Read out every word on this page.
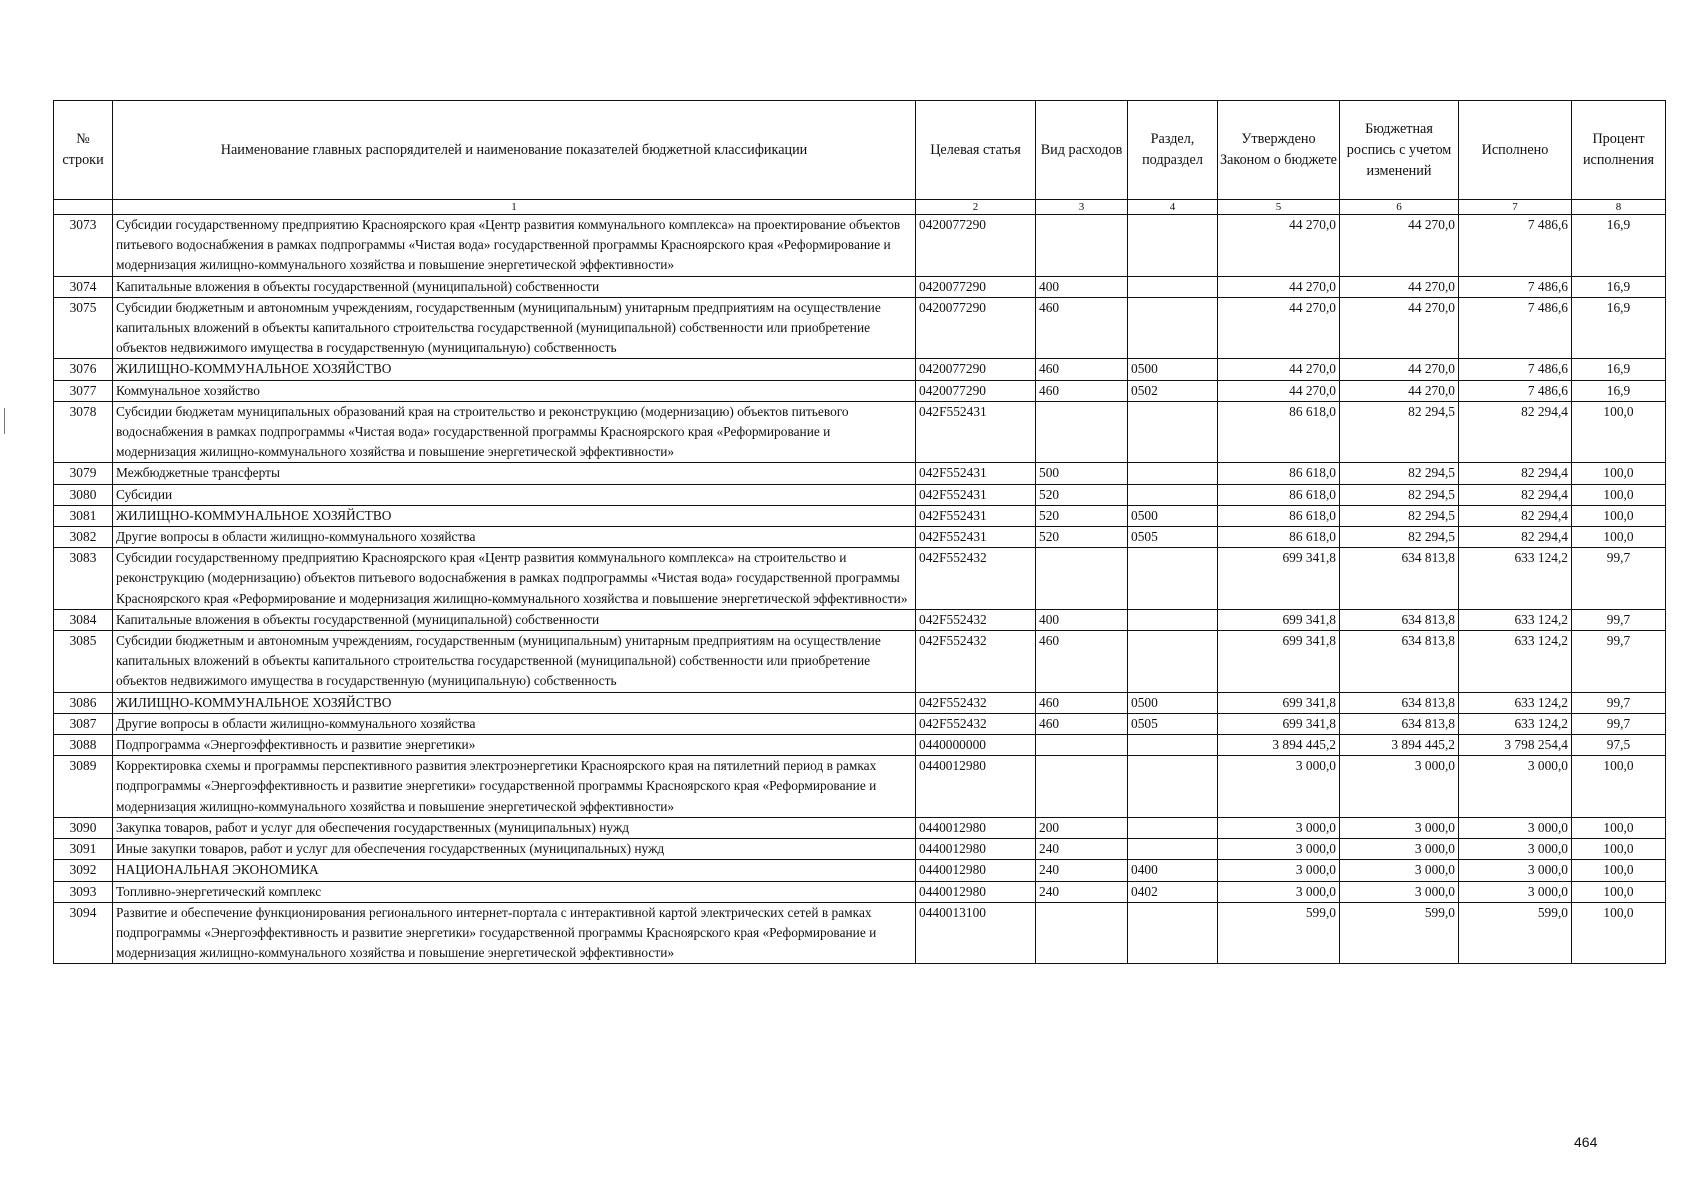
№ строки	Наименование главных распорядителей и наименование показателей бюджетной классификации	Целевая статья	Вид расходов	Раздел, подраздел	Утверждено Законом о бюджете	Бюджетная роспись с учетом изменений	Исполнено	Процент исполнения
	1	2	3	4	5	6	7	8
3073	Субсидии государственному предприятию Красноярского края «Центр развития коммунального комплекса» на проектирование объектов питьевого водоснабжения в рамках подпрограммы «Чистая вода» государственной программы Красноярского края «Реформирование и модернизация жилищно-коммунального хозяйства и повышение энергетической эффективности»	0420077290			44 270,0	44 270,0	7 486,6	16,9
3074	Капитальные вложения в объекты государственной (муниципальной) собственности	0420077290	400		44 270,0	44 270,0	7 486,6	16,9
3075	Субсидии бюджетным и автономным учреждениям, государственным (муниципальным) унитарным предприятиям на осуществление капитальных вложений в объекты капитального строительства государственной (муниципальной) собственности или приобретение объектов недвижимого имущества в государственную (муниципальную) собственность	0420077290	460		44 270,0	44 270,0	7 486,6	16,9
3076	ЖИЛИЩНО-КОММУНАЛЬНОЕ ХОЗЯЙСТВО	0420077290	460	0500	44 270,0	44 270,0	7 486,6	16,9
3077	Коммунальное хозяйство	0420077290	460	0502	44 270,0	44 270,0	7 486,6	16,9
3078	Субсидии бюджетам муниципальных образований края на строительство и реконструкцию (модернизацию) объектов питьевого водоснабжения в рамках подпрограммы «Чистая вода» государственной программы Красноярского края «Реформирование и модернизация жилищно-коммунального хозяйства и повышение энергетической эффективности»	042F552431			86 618,0	82 294,5	82 294,4	100,0
3079	Межбюджетные трансферты	042F552431	500		86 618,0	82 294,5	82 294,4	100,0
3080	Субсидии	042F552431	520		86 618,0	82 294,5	82 294,4	100,0
3081	ЖИЛИЩНО-КОММУНАЛЬНОЕ ХОЗЯЙСТВО	042F552431	520	0500	86 618,0	82 294,5	82 294,4	100,0
3082	Другие вопросы в области жилищно-коммунального хозяйства	042F552431	520	0505	86 618,0	82 294,5	82 294,4	100,0
3083	Субсидии государственному предприятию Красноярского края «Центр развития коммунального комплекса» на строительство и реконструкцию (модернизацию) объектов питьевого водоснабжения в рамках подпрограммы «Чистая вода» государственной программы Красноярского края «Реформирование и модернизация жилищно-коммунального хозяйства и повышение энергетической эффективности»	042F552432			699 341,8	634 813,8	633 124,2	99,7
3084	Капитальные вложения в объекты государственной (муниципальной) собственности	042F552432	400		699 341,8	634 813,8	633 124,2	99,7
3085	Субсидии бюджетным и автономным учреждениям, государственным (муниципальным) унитарным предприятиям на осуществление капитальных вложений в объекты капитального строительства государственной (муниципальной) собственности или приобретение объектов недвижимого имущества в государственную (муниципальную) собственность	042F552432	460		699 341,8	634 813,8	633 124,2	99,7
3086	ЖИЛИЩНО-КОММУНАЛЬНОЕ ХОЗЯЙСТВО	042F552432	460	0500	699 341,8	634 813,8	633 124,2	99,7
3087	Другие вопросы в области жилищно-коммунального хозяйства	042F552432	460	0505	699 341,8	634 813,8	633 124,2	99,7
3088	Подпрограмма «Энергоэффективность и развитие энергетики»	0440000000			3 894 445,2	3 894 445,2	3 798 254,4	97,5
3089	Корректировка схемы и программы перспективного развития электроэнергетики Красноярского края на пятилетний период в рамках подпрограммы «Энергоэффективность и развитие энергетики» государственной программы Красноярского края «Реформирование и модернизация жилищно-коммунального хозяйства и повышение энергетической эффективности»	0440012980			3 000,0	3 000,0	3 000,0	100,0
3090	Закупка товаров, работ и услуг для обеспечения государственных (муниципальных) нужд	0440012980	200		3 000,0	3 000,0	3 000,0	100,0
3091	Иные закупки товаров, работ и услуг для обеспечения государственных (муниципальных) нужд	0440012980	240		3 000,0	3 000,0	3 000,0	100,0
3092	НАЦИОНАЛЬНАЯ ЭКОНОМИКА	0440012980	240	0400	3 000,0	3 000,0	3 000,0	100,0
3093	Топливно-энергетический комплекс	0440012980	240	0402	3 000,0	3 000,0	3 000,0	100,0
3094	Развитие и обеспечение функционирования регионального интернет-портала с интерактивной картой электрических сетей в рамках подпрограммы «Энергоэффективность и развитие энергетики» государственной программы Красноярского края «Реформирование и модернизация жилищно-коммунального хозяйства и повышение энергетической эффективности»	0440013100			599,0	599,0	599,0	100,0
464
